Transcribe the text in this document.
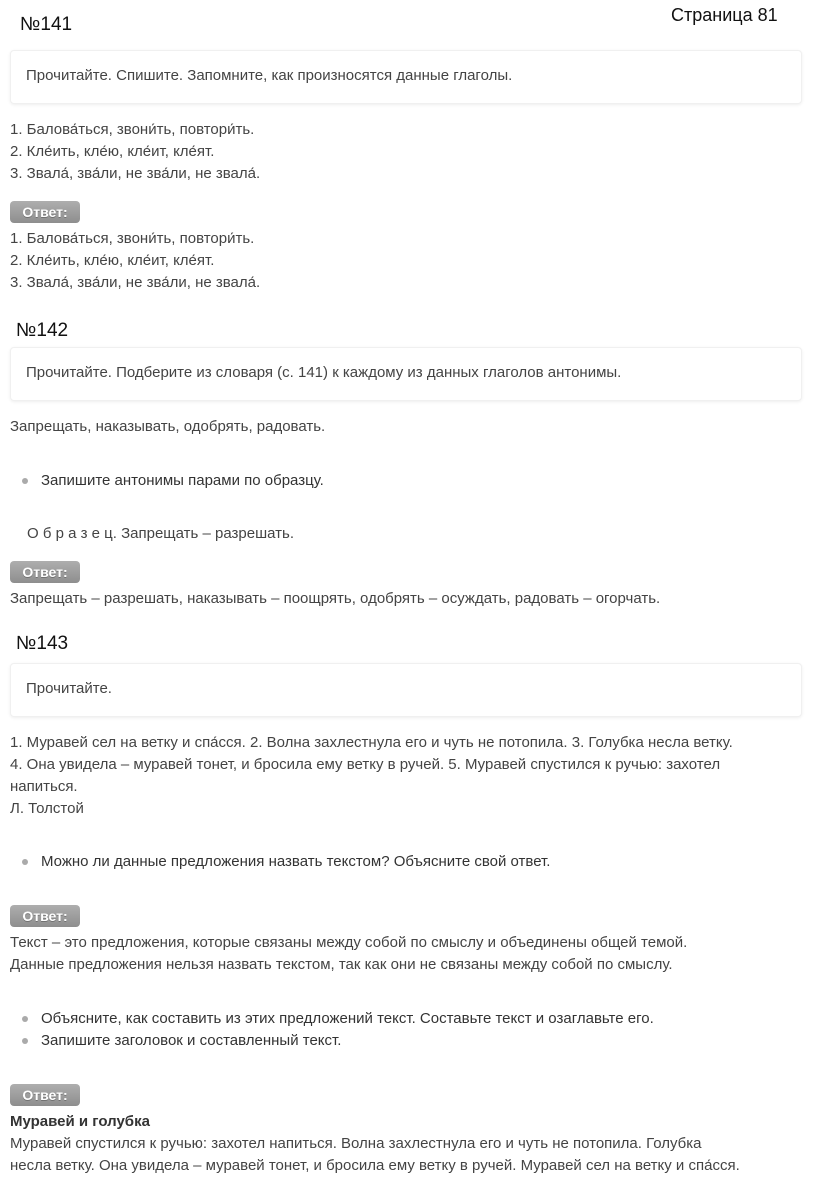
Страница 81
№141
Прочитайте. Спишите. Запомните, как произносятся данные глаголы.
1. Балова́ться, звони́ть, повтори́ть.
2. Кле́ить, кле́ю, кле́ит, кле́ят.
3. Звала́, зва́ли, не зва́ли, не звала́.
Ответ:
1. Балова́ться, звони́ть, повтори́ть.
2. Кле́ить, кле́ю, кле́ит, кле́ят.
3. Звала́, зва́ли, не зва́ли, не звала́.
№142
Прочитайте. Подберите из словаря (с. 141) к каждому из данных глаголов антонимы.
Запрещать, наказывать, одобрять, радовать.
Запишите антонимы парами по образцу.
О б р а з е ц. Запрещать – разрешать.
Ответ:
Запрещать – разрешать, наказывать – поощрять, одобрять – осуждать, радовать – огорчать.
№143
Прочитайте.
1. Муравей сел на ветку и спа́сся. 2. Волна захлестнула его и чуть не потопила. 3. Голубка несла ветку.
4. Она увидела – муравей тонет, и бросила ему ветку в ручей. 5. Муравей спустился к ручью: захотел
напиться.
Л. Толстой
Можно ли данные предложения назвать текстом? Объясните свой ответ.
Ответ:
Текст – это предложения, которые связаны между собой по смыслу и объединены общей темой.
Данные предложения нельзя назвать текстом, так как они не связаны между собой по смыслу.
Объясните, как составить из этих предложений текст. Составьте текст и озаглавьте его.
Запишите заголовок и составленный текст.
Ответ:
Муравей и голубка
Муравей спустился к ручью: захотел напиться. Волна захлестнула его и чуть не потопила. Голубка
несла ветку. Она увидела – муравей тонет, и бросила ему ветку в ручей. Муравей сел на ветку и спа́сся.
